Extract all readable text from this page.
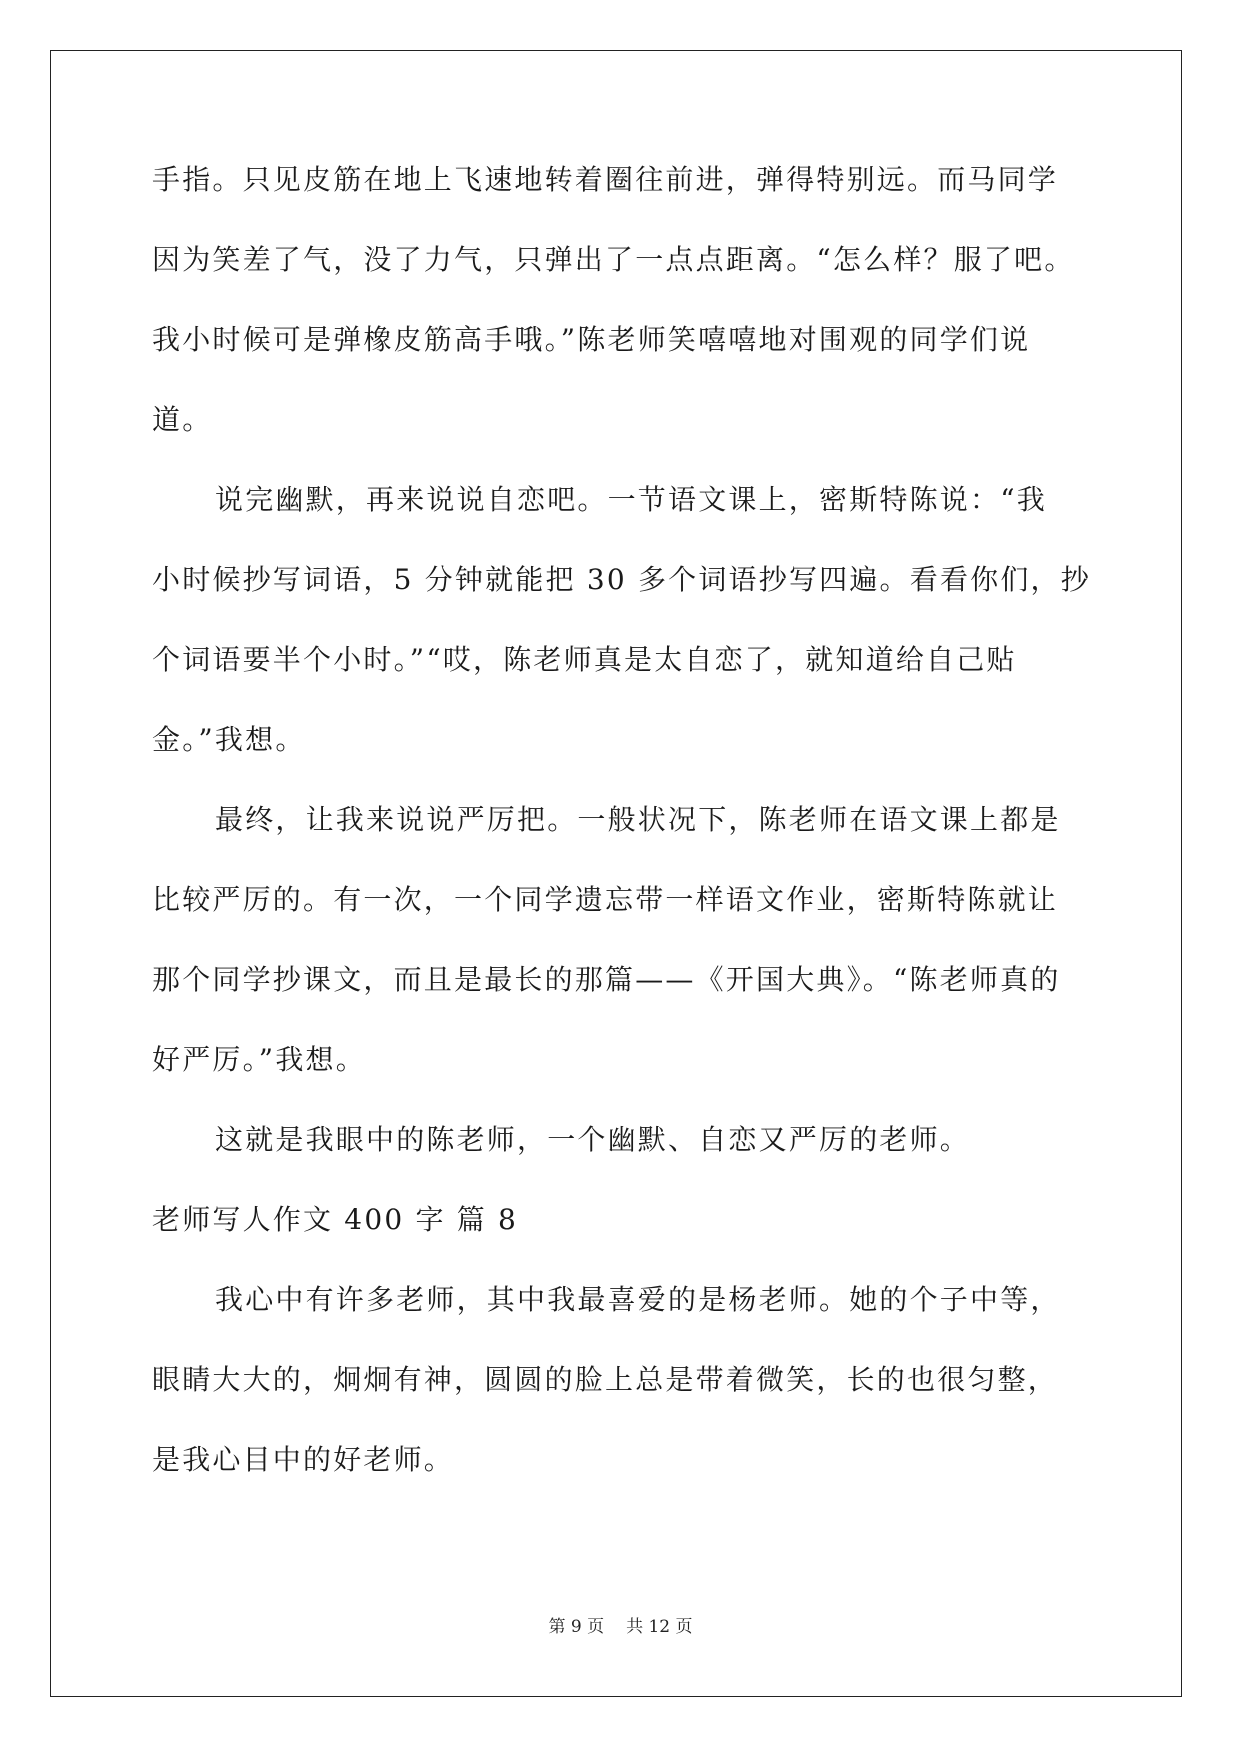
手指。只见皮筋在地上飞速地转着圈往前进，弹得特别远。而马同学
因为笑差了气，没了力气，只弹出了一点点距离。“怎么样？服了吧。
我小时候可是弹橡皮筋高手哦。”陈老师笑嘻嘻地对围观的同学们说
道。
说完幽默，再来说说自恋吧。一节语文课上，密斯特陈说：“我
小时候抄写词语，5 分钟就能把 30 多个词语抄写四遍。看看你们，抄
个词语要半个小时。”“哎，陈老师真是太自恋了，就知道给自己贴
金。”我想。
最终，让我来说说严厉把。一般状况下，陈老师在语文课上都是
比较严厉的。有一次，一个同学遗忘带一样语文作业，密斯特陈就让
那个同学抄课文，而且是最长的那篇——《开国大典》。“陈老师真的
好严厉。”我想。
这就是我眼中的陈老师，一个幽默、自恋又严厉的老师。
老师写人作文 400 字 篇 8
我心中有许多老师，其中我最喜爱的是杨老师。她的个子中等，
眼睛大大的，炯炯有神，圆圆的脸上总是带着微笑，长的也很匀整，
是我心目中的好老师。
第 9 页 共 12 页
